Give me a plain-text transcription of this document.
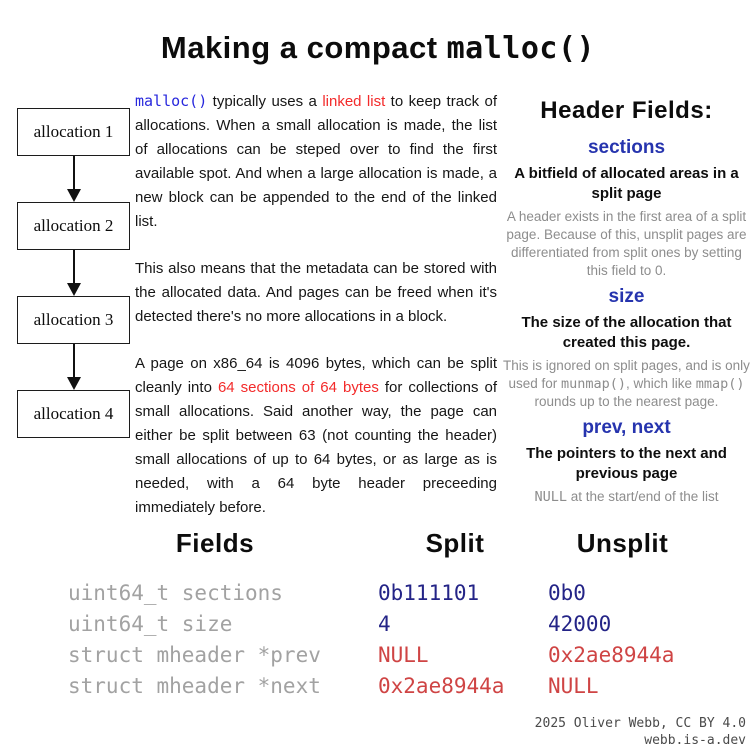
Making a compact malloc()
allocation 1
allocation 2
allocation 3
allocation 4

malloc() typically uses a linked list to keep track of allocations. When a small allocation is made, the list of allocations can be steped over to find the first available spot. And when a large allocation is made, a new block can be appended to the end of the linked list.

This also means that the metadata can be stored with the allocated data. And pages can be freed when it's detected there's no more allocations in a block.

A page on x86_64 is 4096 bytes, which can be split cleanly into 64 sections of 64 bytes for collections of small allocations. Said another way, the page can either be split between 63 (not counting the header) small allocations of up to 64 bytes, or as large as is needed, with a 64 byte header preceeding immediately before.

Header Fields:
sections
A bitfield of allocated areas in a split page
A header exists in the first area of a split page. Because of this, unsplit pages are differentiated from split ones by setting this field to 0.
size
The size of the allocation that created this page.
This is ignored on split pages, and is only used for munmap(), which like mmap() rounds up to the nearest page.
prev, next
The pointers to the next and previous page
NULL at the start/end of the list
Fields	Split	Unsplit
uint64_t sections	0b111101	0b0
uint64_t size	4	42000
struct mheader *prev	NULL	0x2ae8944a
struct mheader *next	0x2ae8944a	NULL
2025 Oliver Webb, CC BY 4.0
webb.is-a.dev
